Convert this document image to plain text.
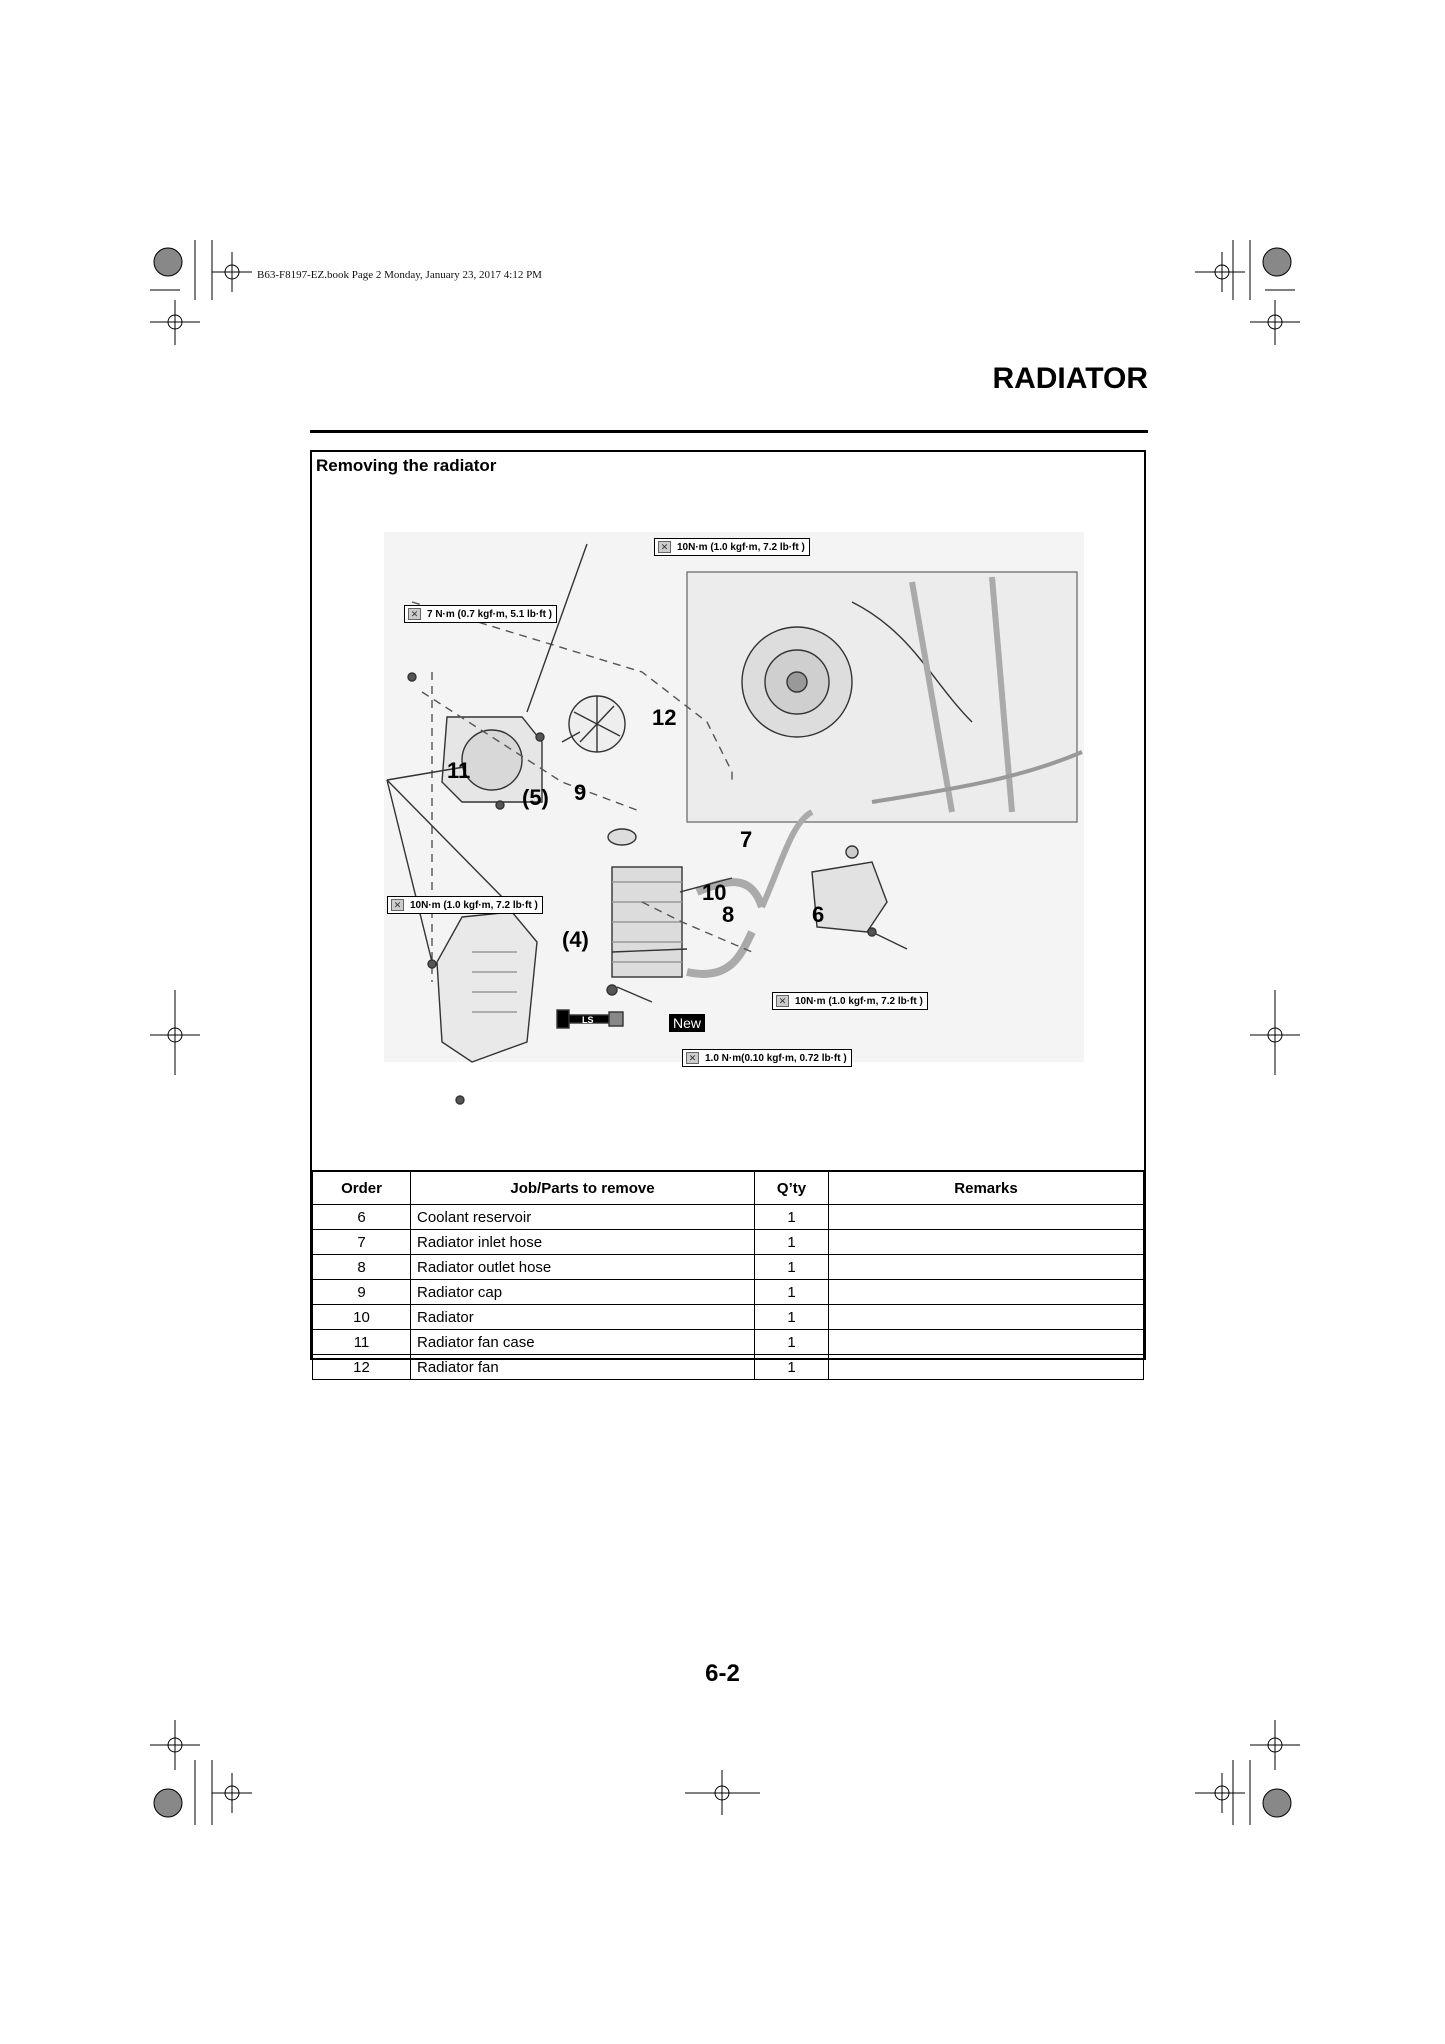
B63-F8197-EZ.book Page 2 Monday, January 23, 2017 4:12 PM
RADIATOR
Removing the radiator
LS
✕ 10N·m (1.0 kgf·m, 7.2 lb·ft )
✕ 7 N·m (0.7 kgf·m, 5.1 lb·ft )
✕ 10N·m (1.0 kgf·m, 7.2 lb·ft )
✕ 10N·m (1.0 kgf·m, 7.2 lb·ft )
✕ 1.0 N·m(0.10 kgf·m, 0.72 lb·ft )
12
11
(5) 9
7
10
8	6
(4)
New
Order	Job/Parts to remove	Q’ty	Remarks
6	Coolant reservoir	1	
7	Radiator inlet hose	1	
8	Radiator outlet hose	1	
9	Radiator cap	1	
10	Radiator	1	
11	Radiator fan case	1	
12	Radiator fan	1	
6-2
